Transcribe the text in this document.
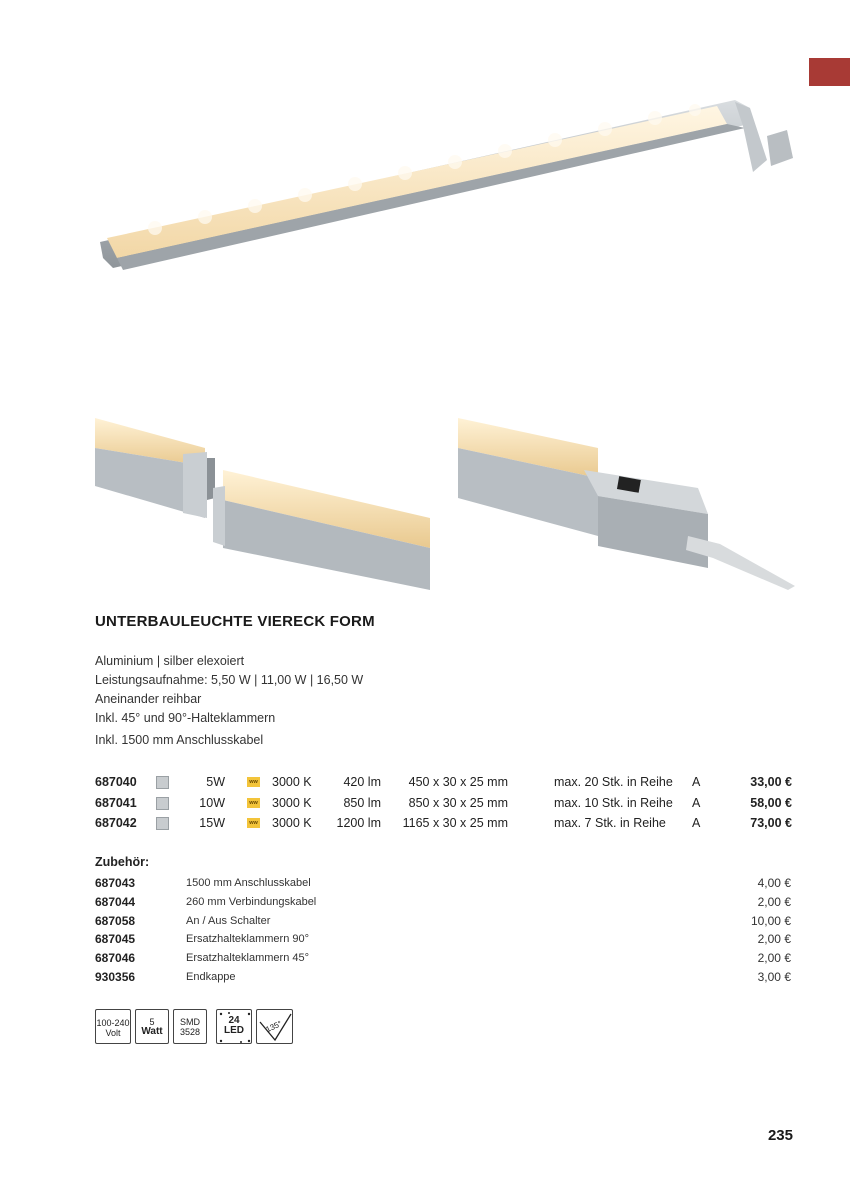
UNTERBAULEUCHTE VIERECK FORM
Aluminium | silber elexoiert
Leistungsaufnahme: 5,50 W | 11,00 W | 16,50 W
Aneinander reihbar
Inkl. 45° und 90°-Halteklammern
Inkl. 1500 mm Anschlusskabel
687040	5W	ww 3000 K	420 lm	450 x 30 x 25 mm	max. 20 Stk. in Reihe A	33,00 €
687041	10W	ww 3000 K	850 lm	850 x 30 x 25 mm	max. 10 Stk. in Reihe A	58,00 €
687042	15W	ww 3000 K	1200 lm	1165 x 30 x 25 mm	max. 7 Stk. in Reihe A	73,00 €
Zubehör:
687043	1500 mm Anschlusskabel	4,00 €
687044	260 mm Verbindungskabel	2,00 €
687058	An / Aus Schalter	10,00 €
687045	Ersatzhalteklammern 90°	2,00 €
687046	Ersatzhalteklammern 45°	2,00 €
930356	Endkappe	3,00 €
100-240
Volt
5
Watt
SMD
3528
24
LED	135°
235
